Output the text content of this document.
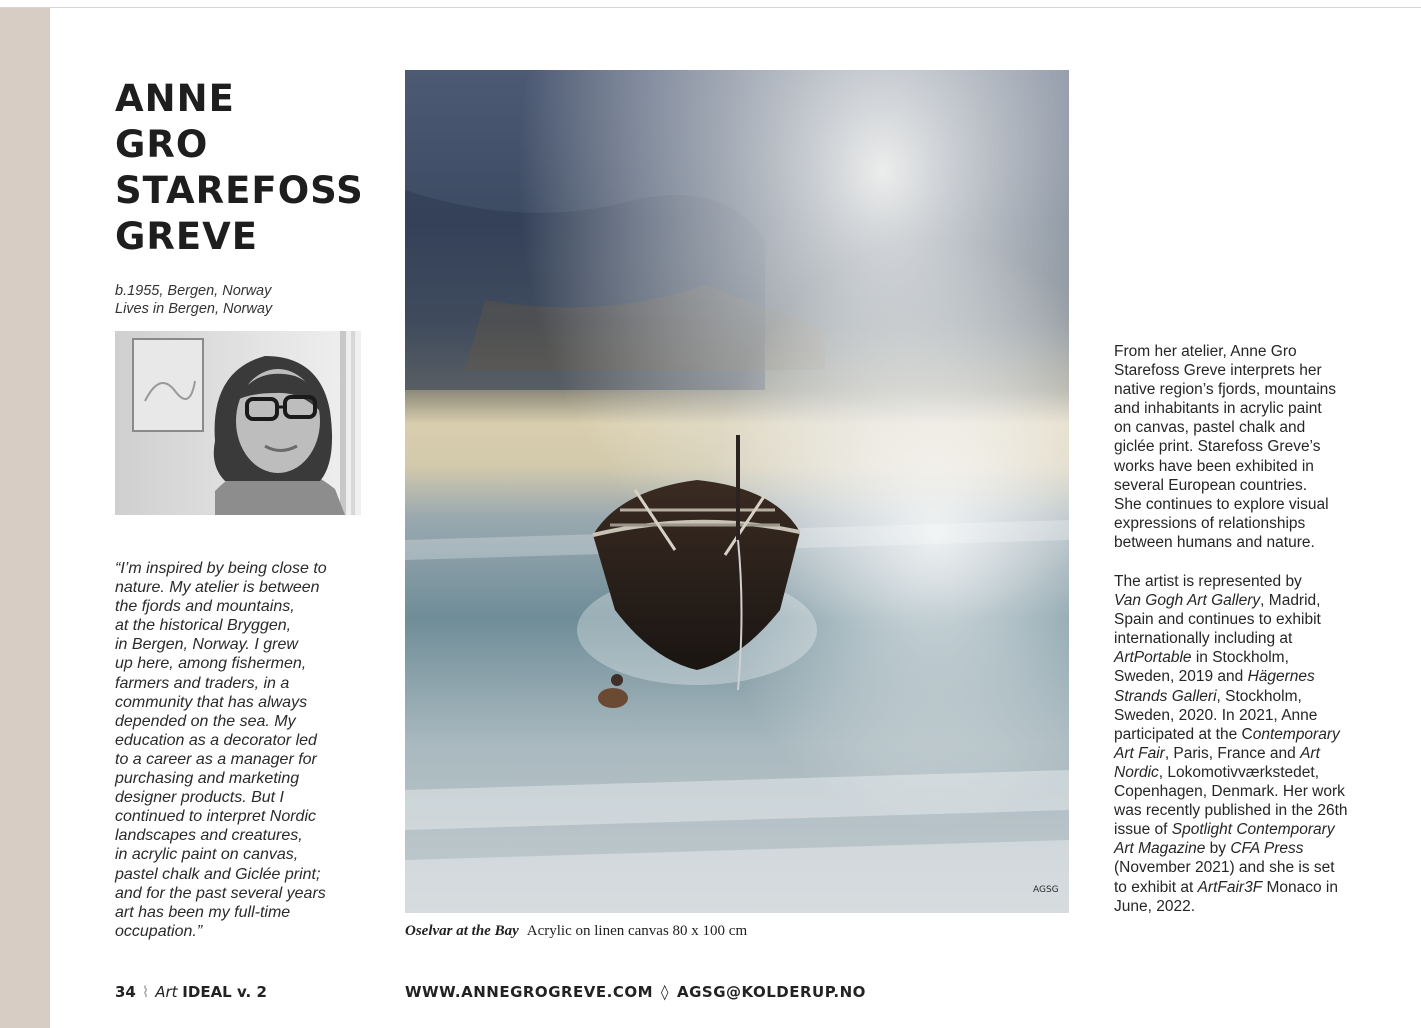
ANNE
GRO
STAREFOSS
GREVE
b.1955, Bergen, Norway
Lives in Bergen, Norway
“I’m inspired by being close to
nature. My atelier is between
the fjords and mountains,
at the historical Bryggen,
in Bergen, Norway. I grew
up here, among fishermen,
farmers and traders, in a
community that has always
depended on the sea. My
education as a decorator led
to a career as a manager for
purchasing and marketing
designer products. But I
continued to interpret Nordic
landscapes and creatures,
in acrylic paint on canvas,
pastel chalk and Giclée print;
and for the past several years
art has been my full-time
occupation.”
AGSG
Oselvar at the Bay Acrylic on linen canvas 80 x 100 cm
From her atelier, Anne Gro
Starefoss Greve interprets her
native region’s fjords, mountains
and inhabitants in acrylic paint
on canvas, pastel chalk and
giclée print. Starefoss Greve’s
works have been exhibited in
several European countries.
She continues to explore visual
expressions of relationships
between humans and nature.
The artist is represented by
Van Gogh Art Gallery, Madrid,
Spain and continues to exhibit
internationally including at
ArtPortable in Stockholm,
Sweden, 2019 and Hägernes
Strands Galleri, Stockholm,
Sweden, 2020. In 2021, Anne
participated at the Contemporary
Art Fair, Paris, France and Art
Nordic, Lokomotivværkstedet,
Copenhagen, Denmark. Her work
was recently published in the 26th
issue of Spotlight Contemporary
Art Magazine by CFA Press
(November 2021) and she is set
to exhibit at ArtFair3F Monaco in
June, 2022.
34 ⌇ Art IDEAL v. 2	WWW.ANNEGROGREVE.COM ◊ AGSG@KOLDERUP.NO
